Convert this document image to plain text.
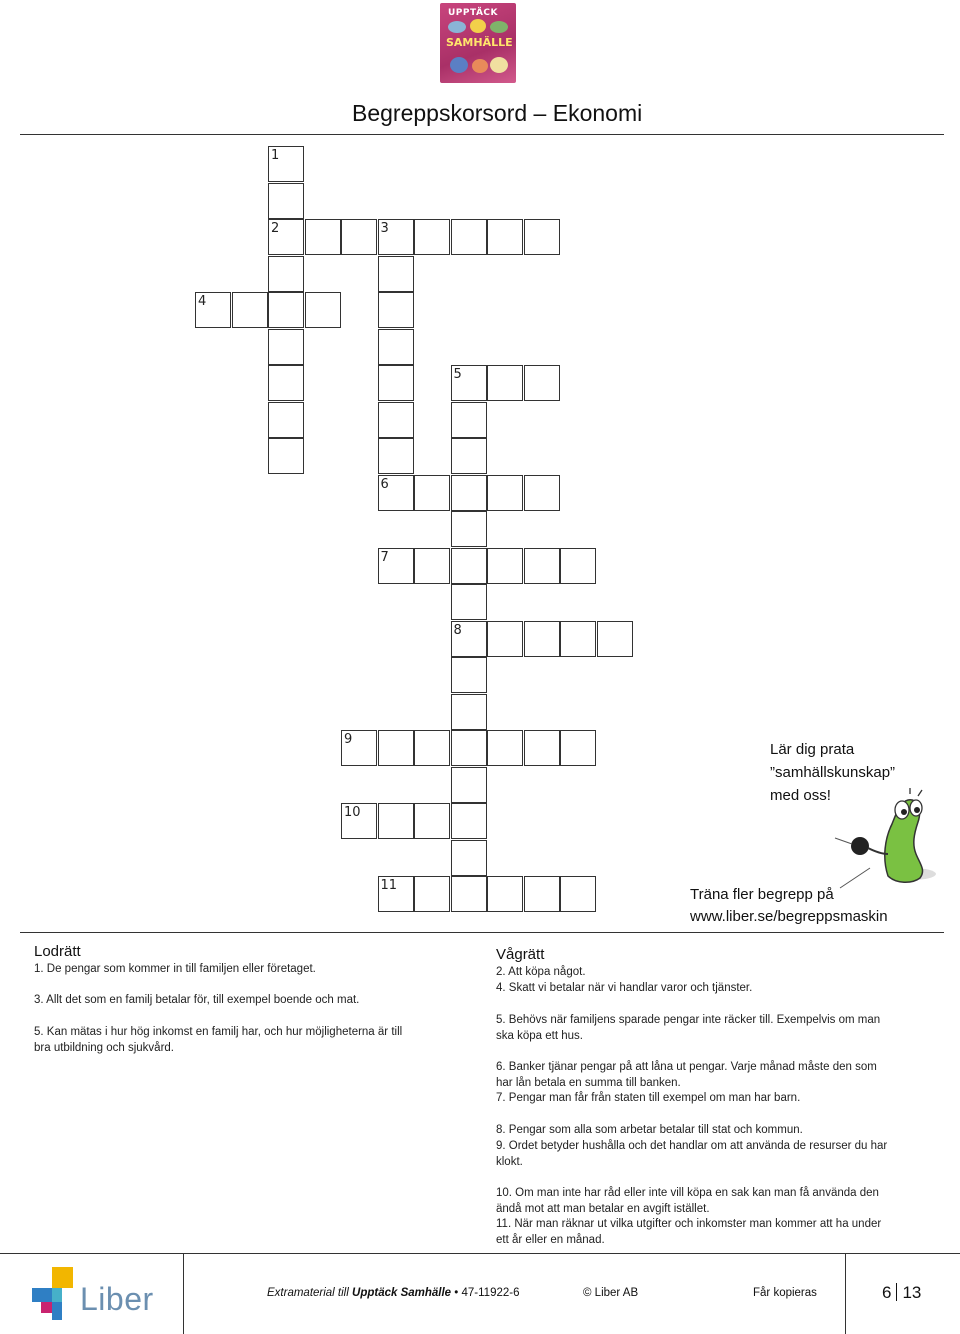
UPPTÄCK
SAMHÄLLE
Begreppskorsord – Ekonomi
1
2	3
4
5
6
7
8
9
10
11
Lär dig prata
”samhällskunskap”
med oss!
Träna fler begrepp på
www.liber.se/begreppsmaskin
Lodrätt
1. De pengar som kommer in till familjen eller företaget.
3. Allt det som en familj betalar för, till exempel boende och mat.
5. Kan mätas i hur hög inkomst en familj har, och hur möjligheterna är till
bra utbildning och sjukvård.
Vågrätt
2. Att köpa något.
4. Skatt vi betalar när vi handlar varor och tjänster.
5. Behövs när familjens sparade pengar inte räcker till. Exempelvis om man
ska köpa ett hus.
6. Banker tjänar pengar på att låna ut pengar. Varje månad måste den som
har lån betala en summa till banken.
7. Pengar man får från staten till exempel om man har barn.
8. Pengar som alla som arbetar betalar till stat och kommun.
9. Ordet betyder hushålla och det handlar om att använda de resurser du har
klokt.
10. Om man inte har råd eller inte vill köpa en sak kan man få använda den
ändå mot att man betalar en avgift istället.
11. När man räknar ut vilka utgifter och inkomster man kommer att ha under
ett år eller en månad.
Liber	Extramaterial till Upptäck Samhälle • 47-11922-6	© Liber AB	Får kopieras	6 13
